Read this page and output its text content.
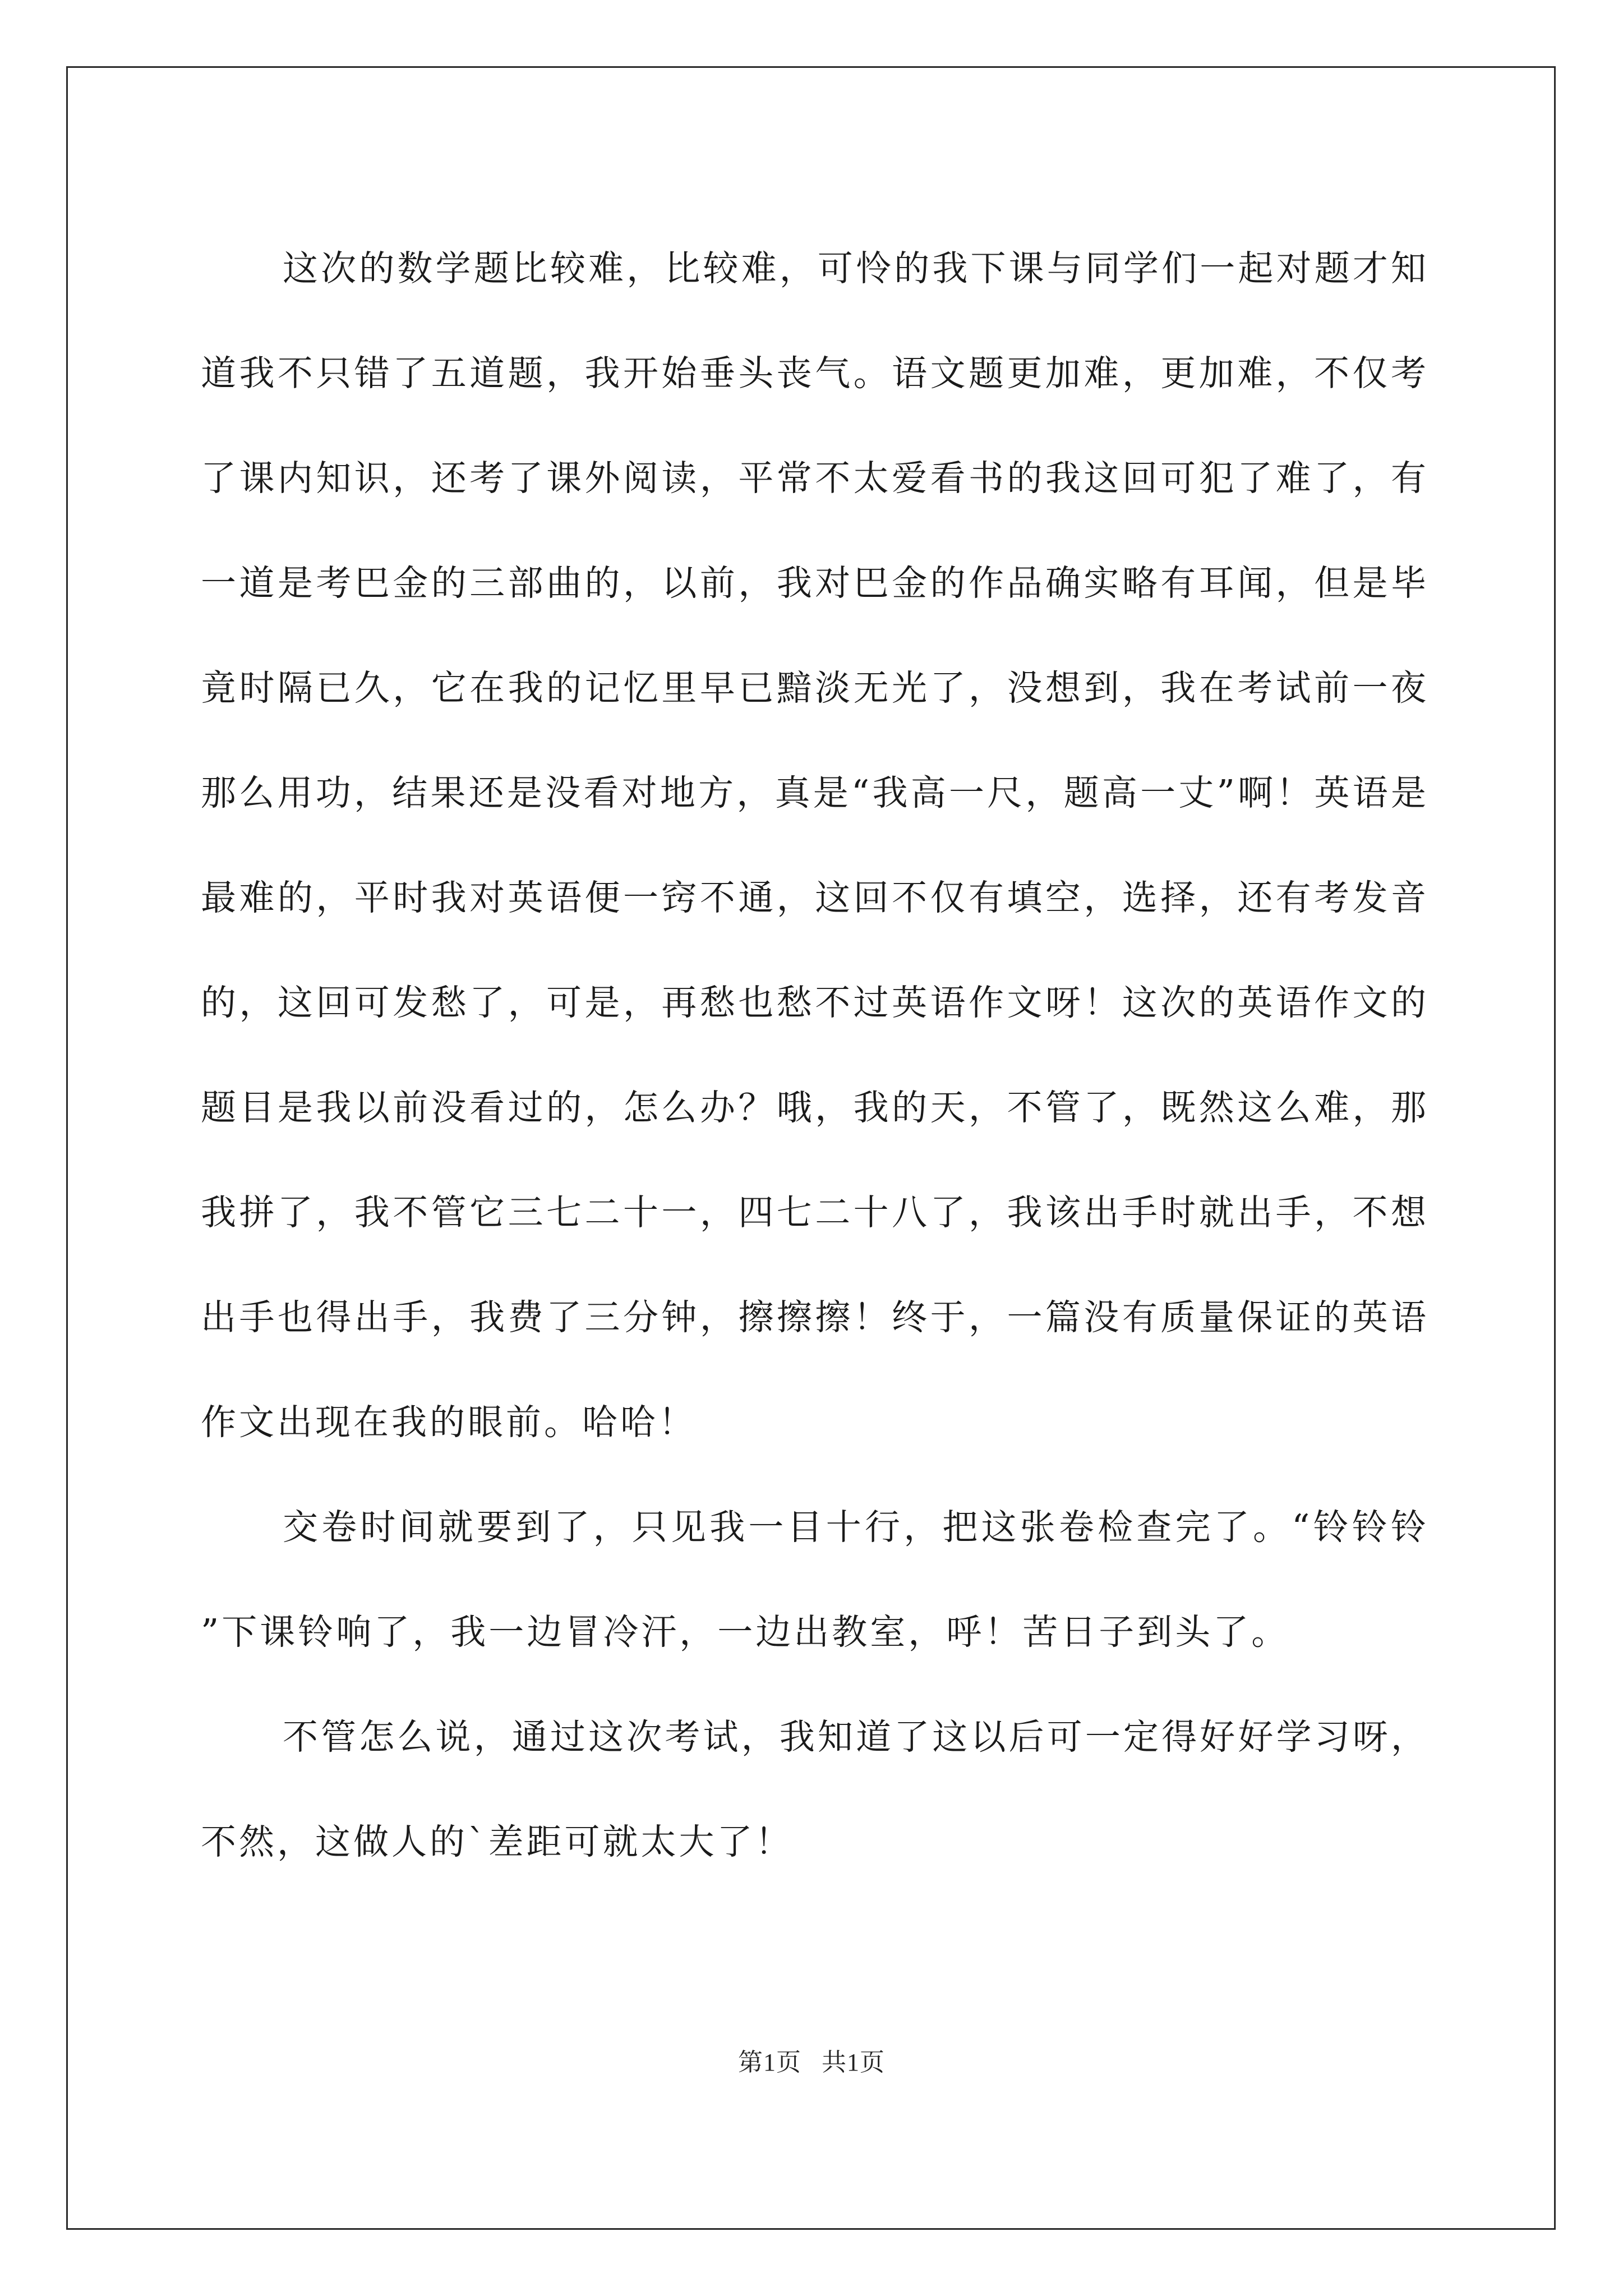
这次的数学题比较难，比较难，可怜的我下课与同学们一起对题才知道我不只错了五道题，我开始垂头丧气。语文题更加难，更加难，不仅考了课内知识，还考了课外阅读，平常不太爱看书的我这回可犯了难了，有一道是考巴金的三部曲的，以前，我对巴金的作品确实略有耳闻，但是毕竟时隔已久，它在我的记忆里早已黯淡无光了，没想到，我在考试前一夜那么用功，结果还是没看对地方，真是“我高一尺，题高一丈”啊！英语是最难的，平时我对英语便一窍不通，这回不仅有填空，选择，还有考发音的，这回可发愁了，可是，再愁也愁不过英语作文呀！这次的英语作文的题目是我以前没看过的，怎么办？哦，我的天，不管了，既然这么难，那我拼了，我不管它三七二十一，四七二十八了，我该出手时就出手，不想出手也得出手，我费了三分钟，擦擦擦！终于，一篇没有质量保证的英语作文出现在我的眼前。哈哈！

交卷时间就要到了，只见我一目十行，把这张卷检查完了。“铃铃铃”下课铃响了，我一边冒冷汗，一边出教室，呼！苦日子到头了。

不管怎么说，通过这次考试，我知道了这以后可一定得好好学习呀，不然，这做人的`差距可就太大了！

第1页 共1页
